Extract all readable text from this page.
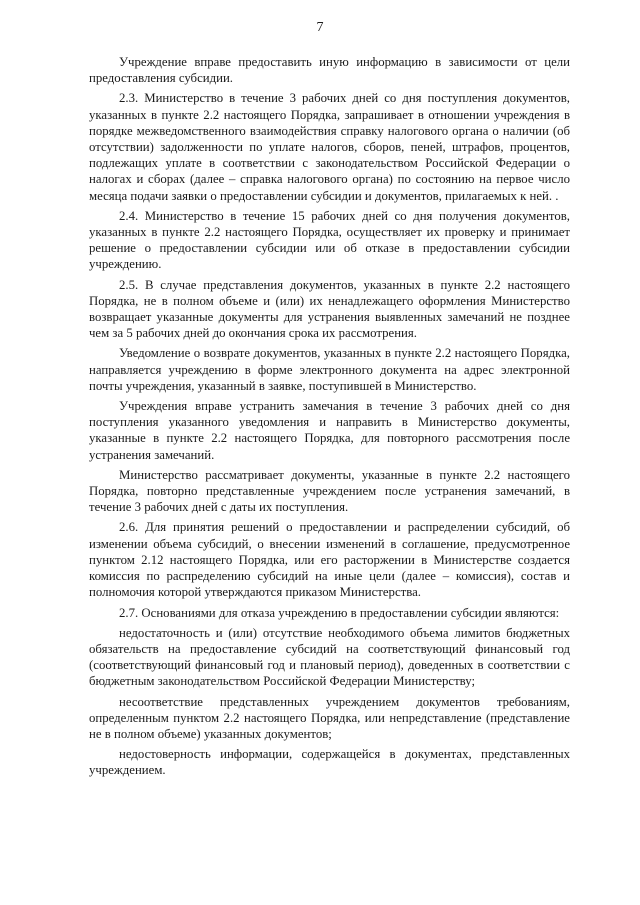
7

Учреждение вправе предоставить иную информацию в зависимости от цели предоставления субсидии.

2.3. Министерство в течение 3 рабочих дней со дня поступления документов, указанных в пункте 2.2 настоящего Порядка, запрашивает в отношении учреждения в порядке межведомственного взаимодействия справку налогового органа о наличии (об отсутствии) задолженности по уплате налогов, сборов, пеней, штрафов, процентов, подлежащих уплате в соответствии с законодательством Российской Федерации о налогах и сборах (далее – справка налогового органа) по состоянию на первое число месяца подачи заявки о предоставлении субсидии и документов, прилагаемых к ней. .

2.4. Министерство в течение 15 рабочих дней со дня получения документов, указанных в пункте 2.2 настоящего Порядка, осуществляет их проверку и принимает решение о предоставлении субсидии или об отказе в предоставлении субсидии учреждению.

2.5. В случае представления документов, указанных в пункте 2.2 настоящего Порядка, не в полном объеме и (или) их ненадлежащего оформления Министерство возвращает указанные документы для устранения выявленных замечаний не позднее чем за 5 рабочих дней до окончания срока их рассмотрения.

Уведомление о возврате документов, указанных в пункте 2.2 настоящего Порядка, направляется учреждению в форме электронного документа на адрес электронной почты учреждения, указанный в заявке, поступившей в Министерство.

Учреждения вправе устранить замечания в течение 3 рабочих дней со дня поступления указанного уведомления и направить в Министерство документы, указанные в пункте 2.2 настоящего Порядка, для повторного рассмотрения после устранения замечаний.

Министерство рассматривает документы, указанные в пункте 2.2 настоящего Порядка, повторно представленные учреждением после устранения замечаний, в течение 3 рабочих дней с даты их поступления.

2.6. Для принятия решений о предоставлении и распределении субсидий, об изменении объема субсидий, о внесении изменений в соглашение, предусмотренное пунктом 2.12 настоящего Порядка, или его расторжении в Министерстве создается комиссия по распределению субсидий на иные цели (далее – комиссия), состав и полномочия которой утверждаются приказом Министерства.

2.7. Основаниями для отказа учреждению в предоставлении субсидии являются:

недостаточность и (или) отсутствие необходимого объема лимитов бюджетных обязательств на предоставление субсидий на соответствующий финансовый год (соответствующий финансовый год и плановый период), доведенных в соответствии с бюджетным законодательством Российской Федерации Министерству;

несоответствие представленных учреждением документов требованиям, определенным пунктом 2.2 настоящего Порядка, или непредставление (представление не в полном объеме) указанных документов;

недостоверность информации, содержащейся в документах, представленных учреждением.
